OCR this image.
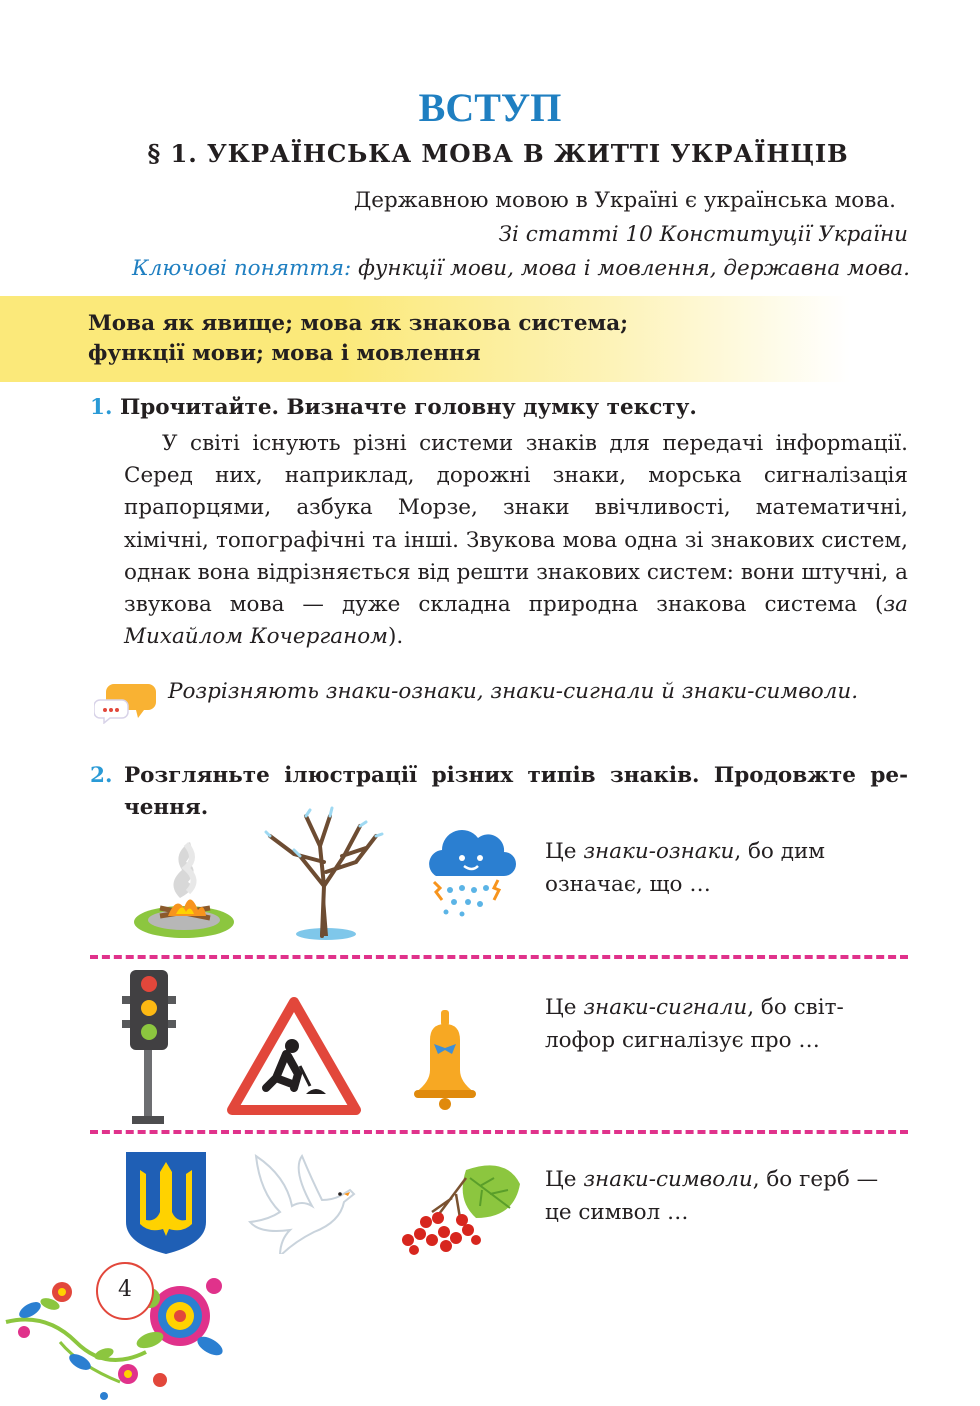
ВСТУП
§ 1. УКРАЇНСЬКА МОВА В ЖИТТІ УКРАЇНЦІВ
Державною мовою в Україні є українська мова.
Зі статті 10 Конституції України
Ключові поняття: функції мови, мова і мовлення, державна мова.
Мова як явище; мова як знакова система;
функції мови; мова і мовлення
1. Прочитайте. Визначте головну думку тексту.
У світі існують різні системи знаків для передачі інфорmації. Серед них, наприклад, дорожні знаки, морська сигналізація прапорцями, азбука Морзе, знаки ввічливості, математичні, хімічні, топографічні та інші. Звукова мова одна зі знакових систем, однак вона відрізняється від решти знакових систем: вони штучні, а звукова мова — дуже складна природна знакова система (за Михайлом Кочерганом).
Розрізняють знаки-ознаки, знаки-сигнали й знаки-символи.
2. Розгляньте ілюстрації різних типів знаків. Продовжте речення.
Це знаки-ознаки, бо дим
означає, що …
Це знаки-сигнали, бо світ-
лофор сигналізує про …
Це знаки-символи, бо герб —
це символ …
4
